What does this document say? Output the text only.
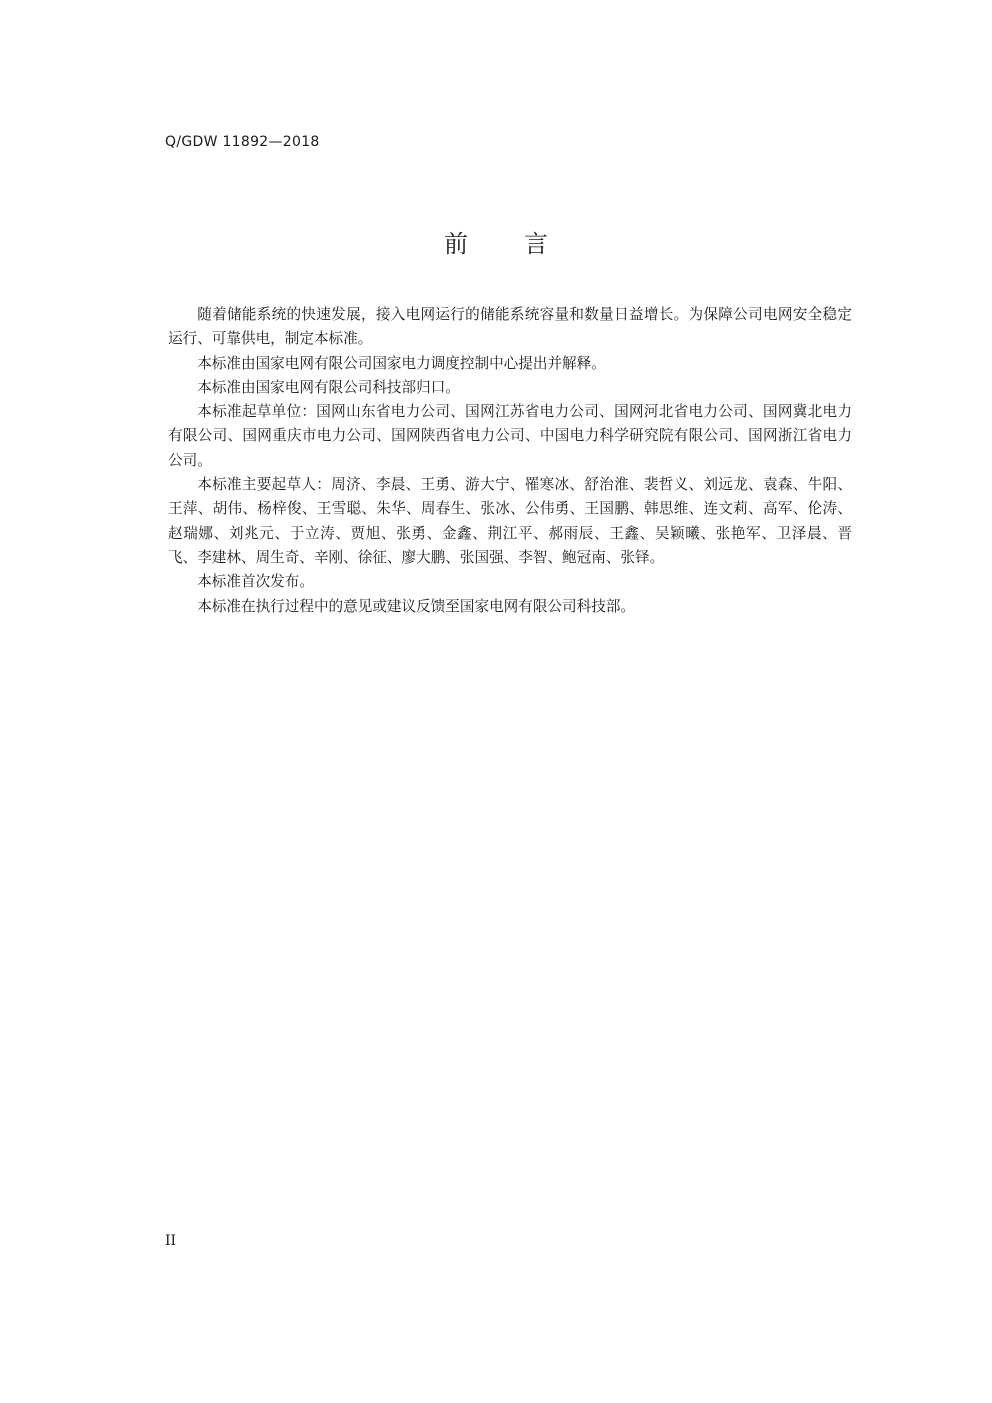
Q/GDW 11892—2018
前言

随着储能系统的快速发展，接入电网运行的储能系统容量和数量日益增长。为保障公司电网安全稳定运行、可靠供电，制定本标准。

本标准由国家电网有限公司国家电力调度控制中心提出并解释。

本标准由国家电网有限公司科技部归口。

本标准起草单位：国网山东省电力公司、国网江苏省电力公司、国网河北省电力公司、国网冀北电力有限公司、国网重庆市电力公司、国网陕西省电力公司、中国电力科学研究院有限公司、国网浙江省电力公司。

本标准主要起草人：周济、李晨、王勇、游大宁、罹寒冰、舒治淮、裴哲义、刘远龙、袁森、牛阳、王萍、胡伟、杨梓俊、王雪聪、朱华、周春生、张冰、公伟勇、王国鹏、韩思维、连文莉、高军、伦涛、赵瑞娜、刘兆元、于立涛、贾旭、张勇、金鑫、荆江平、郝雨辰、王鑫、吴颖曦、张艳军、卫泽晨、晋飞、李建林、周生奇、辛刚、徐征、廖大鹏、张国强、李智、鲍冠南、张铎。

本标准首次发布。

本标准在执行过程中的意见或建议反馈至国家电网有限公司科技部。

II
